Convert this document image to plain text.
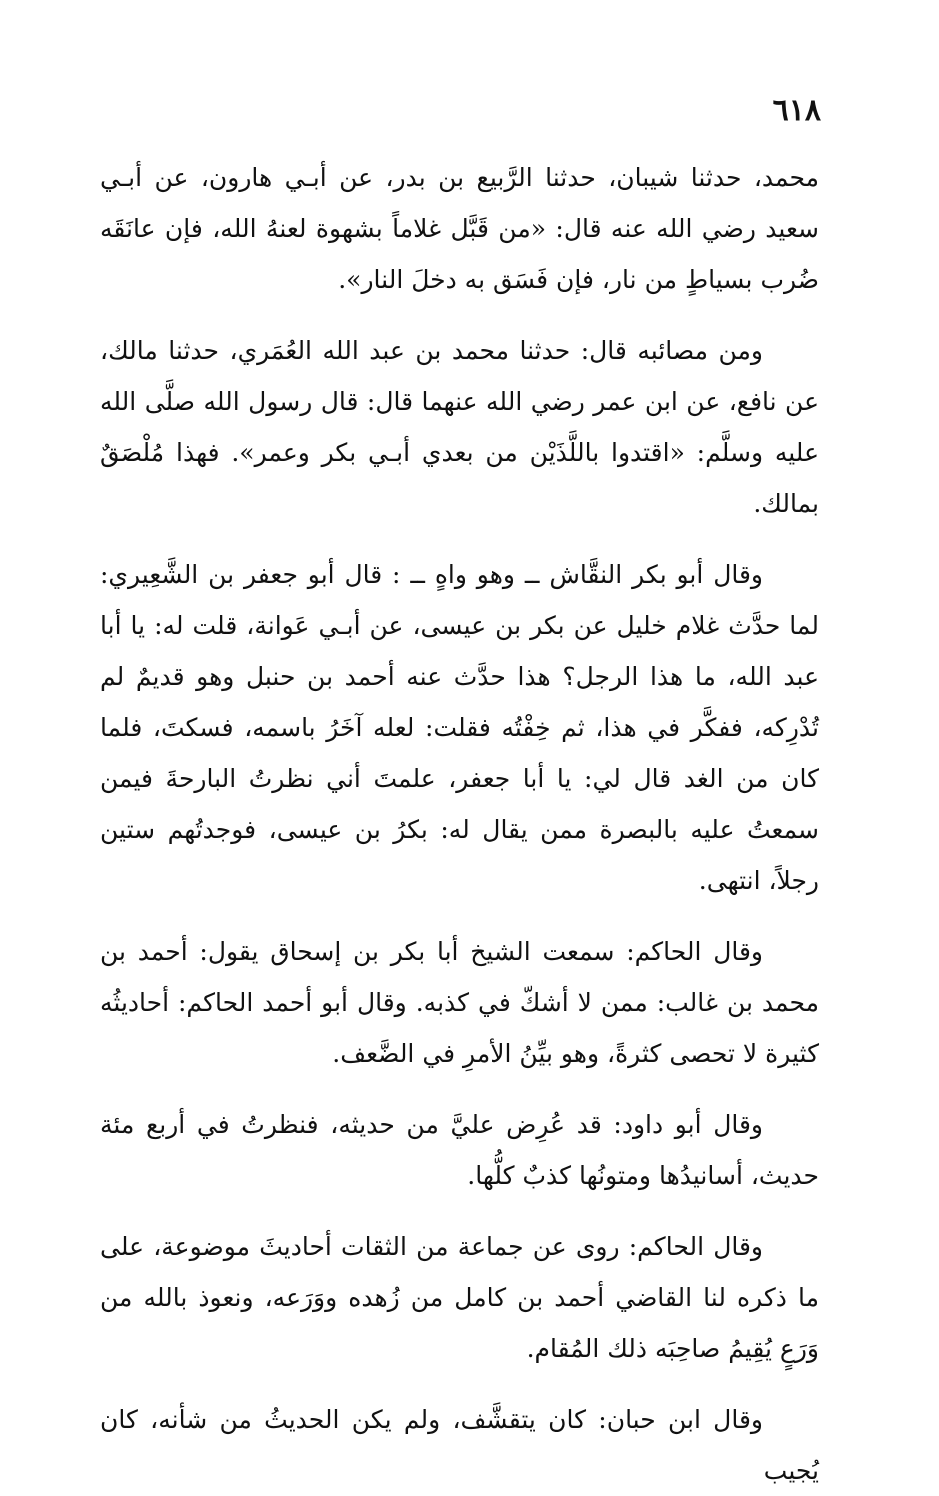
٦١٨

محمد، حدثنا شيبان، حدثنا الرَّبيع بن بدر، عن أبـي هارون، عن أبـي سعيد رضي الله عنه قال: «من قَبَّل غلاماً بشهوة لعنهُ الله، فإن عانَقَه ضُرب بسياطٍ من نار، فإن فَسَق به دخلَ النار».

ومن مصائبه قال: حدثنا محمد بن عبد الله العُمَري، حدثنا مالك، عن نافع، عن ابن عمر رضي الله عنهما قال: قال رسول الله صلَّى الله عليه وسلَّم: «اقتدوا باللَّذَيْن من بعدي أبـي بكر وعمر». فهذا مُلْصَقٌ بمالك.

وقال أبو بكر النقَّاش ــ وهو واهٍ ــ : قال أبو جعفر بن الشَّعِيري: لما حدَّث غلام خليل عن بكر بن عيسى، عن أبـي عَوانة، قلت له: يا أبا عبد الله، ما هذا الرجل؟ هذا حدَّث عنه أحمد بن حنبل وهو قديمٌ لم تُدْرِكه، ففكَّر في هذا، ثم خِفْتُه فقلت: لعله آخَرُ باسمه، فسكتَ، فلما كان من الغد قال لي: يا أبا جعفر، علمتَ أني نظرتُ البارحةَ فيمن سمعتُ عليه بالبصرة ممن يقال له: بكرُ بن عيسى، فوجدتُهم ستين رجلاً، انتهى.

وقال الحاكم: سمعت الشيخ أبا بكر بن إسحاق يقول: أحمد بن محمد بن غالب: ممن لا أشكّ في كذبه. وقال أبو أحمد الحاكم: أحاديثُه كثيرة لا تحصى كثرةً، وهو بيِّنُ الأمرِ في الضَّعف.

وقال أبو داود: قد عُرِض عليَّ من حديثه، فنظرتُ في أربع مئة حديث، أسانيدُها ومتونُها كذبٌ كلُّها.

وقال الحاكم: روى عن جماعة من الثقات أحاديثَ موضوعة، على ما ذكره لنا القاضي أحمد بن كامل من زُهده ووَرَعه، ونعوذ بالله من وَرَعٍ يُقِيمُ صاحِبَه ذلك المُقام.

وقال ابن حبان: كان يتقشَّف، ولم يكن الحديثُ من شأنه، كان يُجيب
